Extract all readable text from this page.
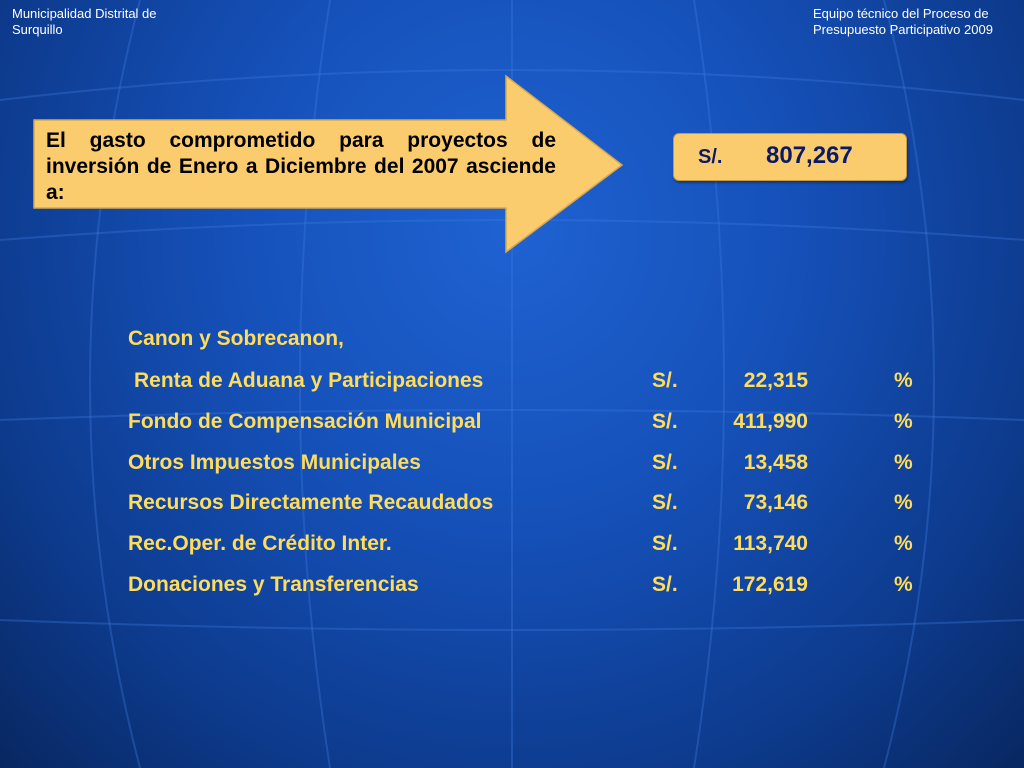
Municipalidad Distrital de
Surquillo
Equipo técnico del Proceso de
Presupuesto Participativo 2009
El gasto comprometido para proyectos de inversión de Enero a Diciembre del 2007 asciende a:
S/. 807,267
Canon y Sobrecanon,
Renta de Aduana y Participaciones	S/.	22,315	%
Fondo de Compensación Municipal	S/.	411,990	%
Otros Impuestos Municipales	S/.	13,458	%
Recursos Directamente Recaudados	S/.	73,146	%
Rec.Oper. de Crédito Inter.	S/.	113,740	%
Donaciones y Transferencias	S/.	172,619	%
